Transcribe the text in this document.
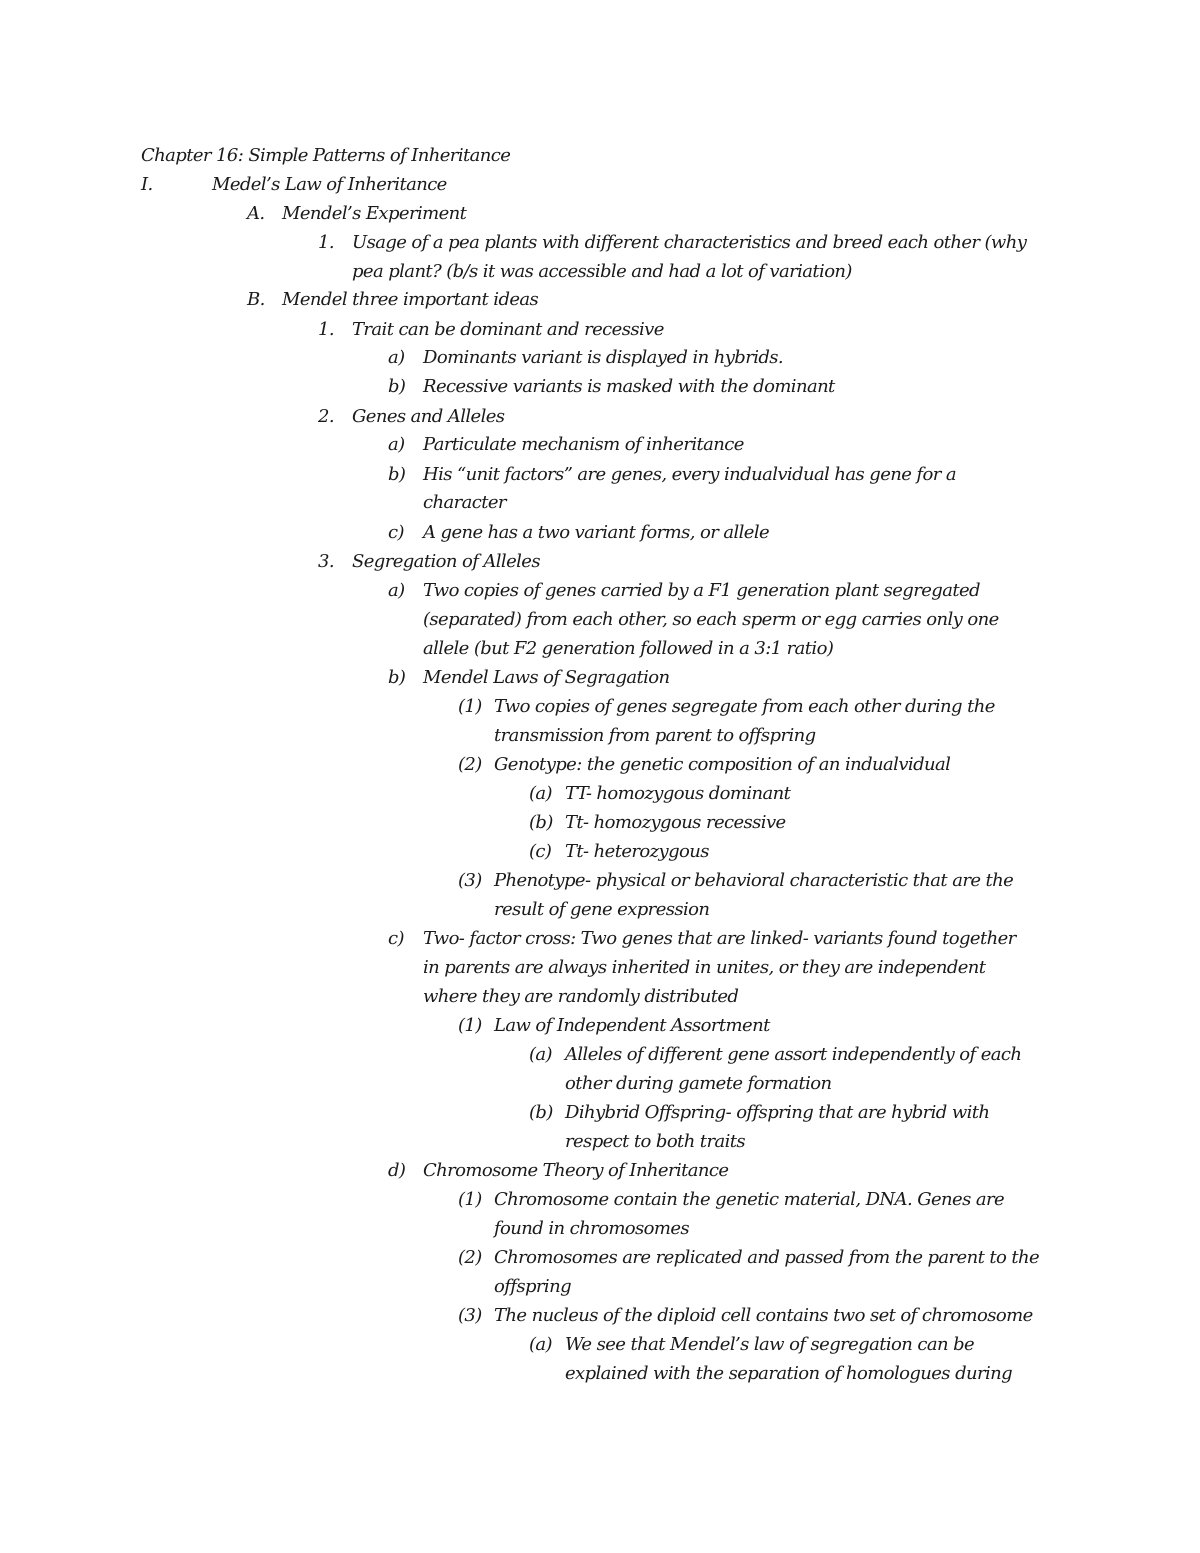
Chapter 16: Simple Patterns of Inheritance
I.	Medel’s Law of Inheritance
A. Mendel’s Experiment
1. Usage of a pea plants with different characteristics and breed each other (why
pea plant? (b/s it was accessible and had a lot of variation)
B. Mendel three important ideas
1. Trait can be dominant and recessive
a) Dominants variant is displayed in hybrids.
b) Recessive variants is masked with the dominant
2. Genes and Alleles
a) Particulate mechanism of inheritance
b) His “unit factors” are genes, every indualvidual has gene for a
character
c) A gene has a two variant forms, or allele
3. Segregation of Alleles
a) Two copies of genes carried by a F1 generation plant segregated
(separated) from each other, so each sperm or egg carries only one
allele (but F2 generation followed in a 3:1 ratio)
b) Mendel Laws of Segragation
(1) Two copies of genes segregate from each other during the
transmission from parent to offspring
(2) Genotype: the genetic composition of an indualvidual
(a) TT- homozygous dominant
(b) Tt- homozygous recessive
(c) Tt- heterozygous
(3) Phenotype- physical or behavioral characteristic that are the
result of gene expression
c) Two- factor cross: Two genes that are linked- variants found together
in parents are always inherited in unites, or they are independent
where they are randomly distributed
(1) Law of Independent Assortment
(a) Alleles of different gene assort independently of each
other during gamete formation
(b) Dihybrid Offspring- offspring that are hybrid with
respect to both traits
d) Chromosome Theory of Inheritance
(1) Chromosome contain the genetic material, DNA. Genes are
found in chromosomes
(2) Chromosomes are replicated and passed from the parent to the
offspring
(3) The nucleus of the diploid cell contains two set of chromosome
(a) We see that Mendel’s law of segregation can be
explained with the separation of homologues during
